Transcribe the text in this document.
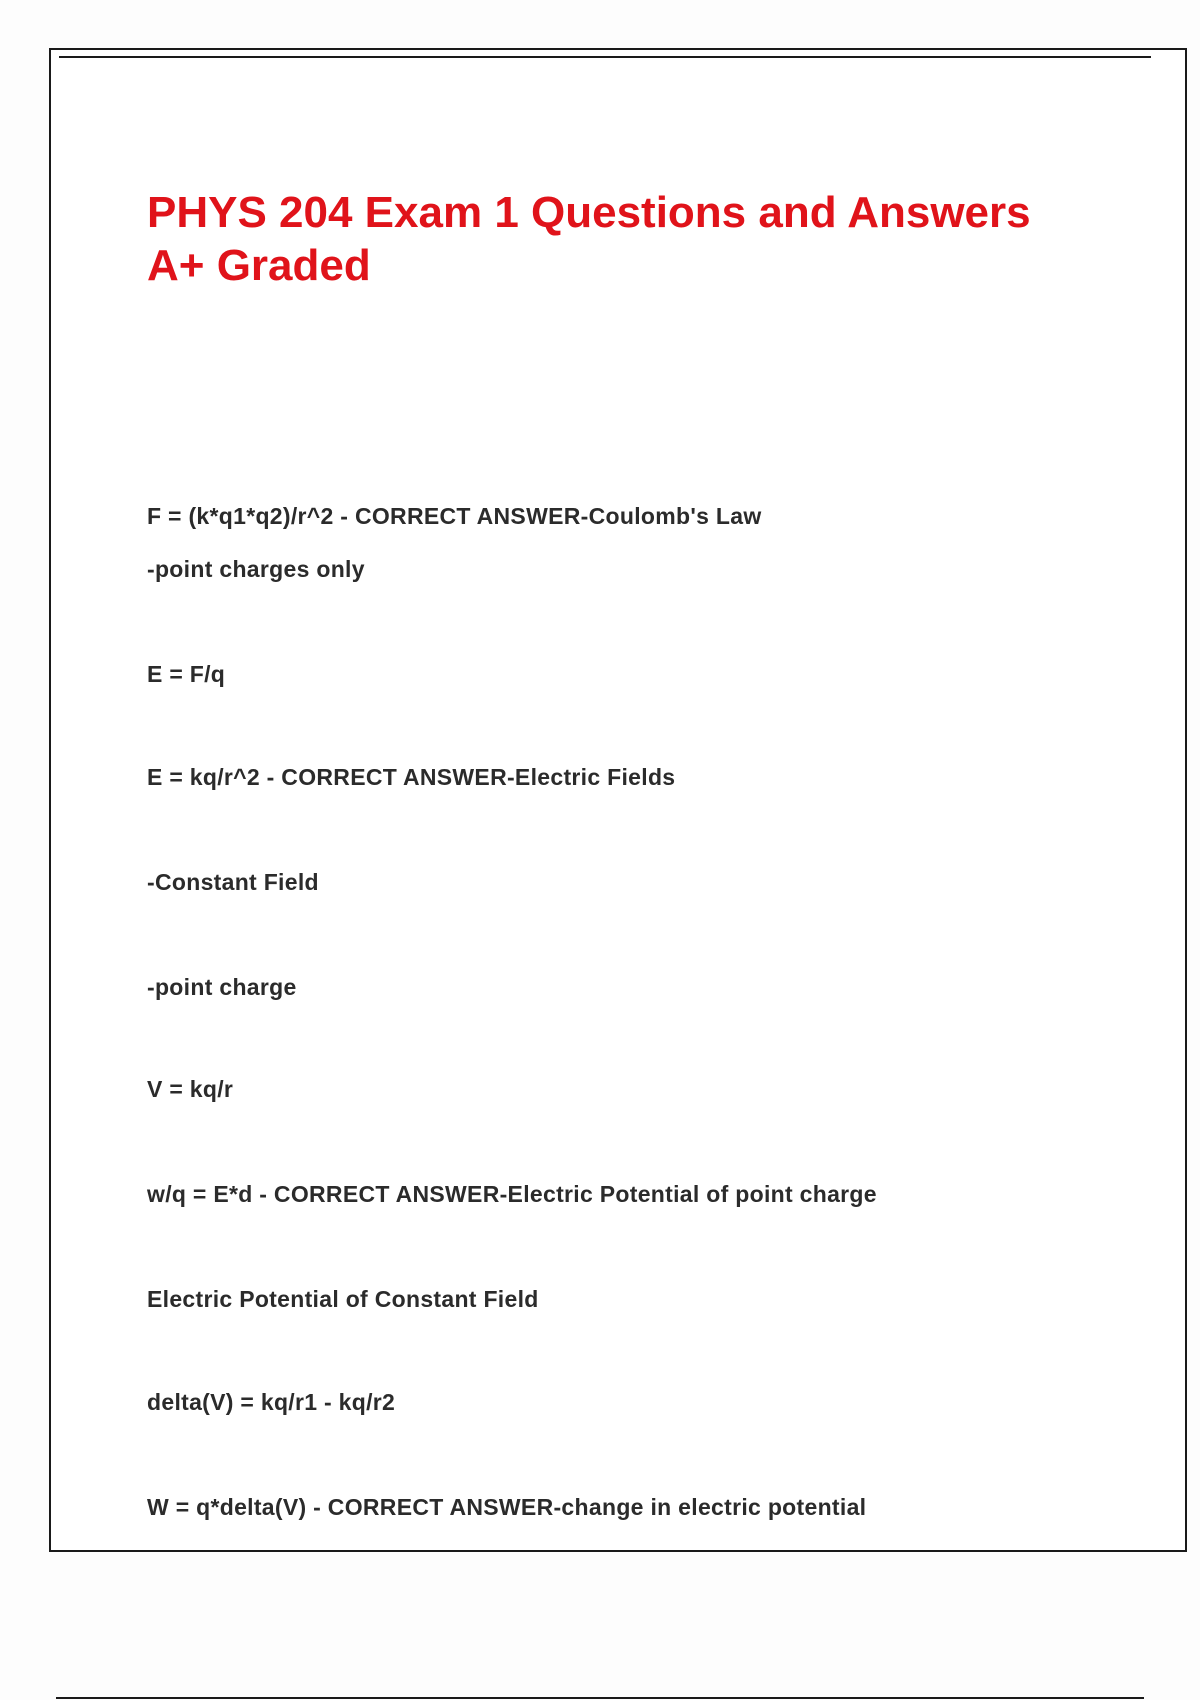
PHYS 204 Exam 1 Questions and Answers
A+ Graded

F = (k*q1*q2)/r^2 - CORRECT ANSWER-Coulomb's Law

-point charges only

E = F/q

E = kq/r^2 - CORRECT ANSWER-Electric Fields

-Constant Field

-point charge

V = kq/r

w/q = E*d - CORRECT ANSWER-Electric Potential of point charge

Electric Potential of Constant Field

delta(V) = kq/r1 - kq/r2

W = q*delta(V) - CORRECT ANSWER-change in electric potential
